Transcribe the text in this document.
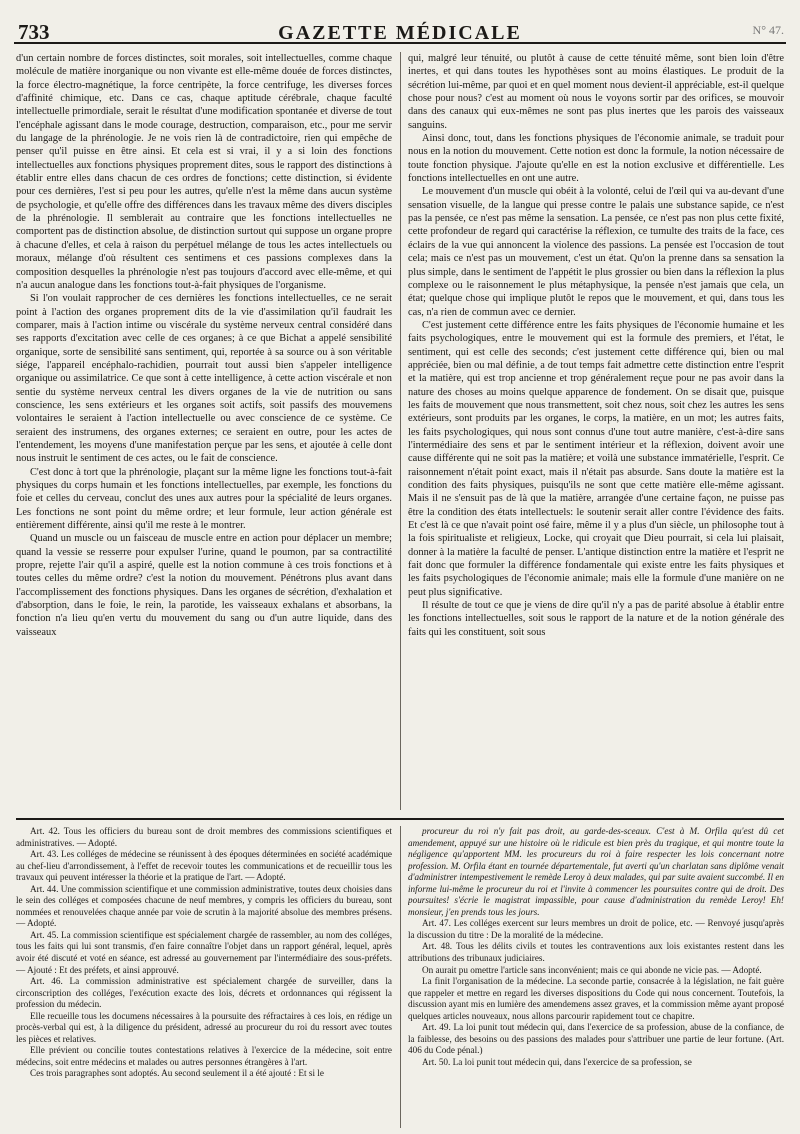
733	GAZETTE MÉDICALE	N° 47.

d'un certain nombre de forces distinctes, soit morales, soit intellectuelles, comme chaque molécule de matière inorganique ou non vivante est elle-même douée de forces distinctes, la force électro-magnétique, la force centripète, la force centrifuge, les diverses forces d'affinité chimique, etc. Dans ce cas, chaque aptitude cérébrale, chaque faculté intellectuelle primordiale, serait le résultat d'une modification spontanée et diverse de tout l'encéphale agissant dans le mode courage, destruction, comparaison, etc., pour me servir du langage de la phrénologie. Je ne vois rien là de contradictoire, rien qui empêche de penser qu'il puisse en être ainsi. Et cela est si vrai, il y a si loin des fonctions intellectuelles aux fonctions physiques proprement dites, sous le rapport des distinctions à établir entre elles dans chacun de ces ordres de fonctions; cette distinction, si évidente pour ces dernières, l'est si peu pour les autres, qu'elle n'est la même dans aucun système de psychologie, et qu'elle offre des différences dans les travaux même des divers disciples de la phrénologie. Il semblerait au contraire que les fonctions intellectuelles ne comportent pas de distinction absolue, de distinction surtout qui suppose un organe propre à chacune d'elles, et cela à raison du perpétuel mélange de tous les actes intellectuels ou moraux, mélange d'où résultent ces sentimens et ces passions complexes dans la composition desquelles la phrénologie n'est pas toujours d'accord avec elle-même, et qui n'a aucun analogue dans les fonctions tout-à-fait physiques de l'organisme.

Si l'on voulait rapprocher de ces dernières les fonctions intellectuelles, ce ne serait point à l'action des organes proprement dits de la vie d'assimilation qu'il faudrait les comparer, mais à l'action intime ou viscérale du système nerveux central considéré dans ses rapports d'excitation avec celle de ces organes; à ce que Bichat a appelé sensibilité organique, sorte de sensibilité sans sentiment, qui, reportée à sa source ou à son véritable siége, l'appareil encéphalo-rachidien, pourrait tout aussi bien s'appeler intelligence organique ou assimilatrice. Ce que sont à cette intelligence, à cette action viscérale et non sentie du système nerveux central les divers organes de la vie de nutrition ou sans conscience, les sens extérieurs et les organes soit actifs, soit passifs des mouvemens volontaires le seraient à l'action intellectuelle ou avec conscience de ce système. Ce seraient des instrumens, des organes externes; ce seraient en outre, pour les actes de l'entendement, les moyens d'une manifestation perçue par les sens, et ajoutée à celle dont nous instruit le sentiment de ces actes, ou le fait de conscience.

C'est donc à tort que la phrénologie, plaçant sur la même ligne les fonctions tout-à-fait physiques du corps humain et les fonctions intellectuelles, par exemple, les fonctions du foie et celles du cerveau, conclut des unes aux autres pour la spécialité de leurs organes. Les fonctions ne sont point du même ordre; et leur formule, leur action générale est entièrement différente, ainsi qu'il me reste à le montrer.

Quand un muscle ou un faisceau de muscle entre en action pour déplacer un membre; quand la vessie se resserre pour expulser l'urine, quand le poumon, par sa contractilité propre, rejette l'air qu'il a aspiré, quelle est la notion commune à ces trois fonctions et à toutes celles du même ordre? c'est la notion du mouvement. Pénétrons plus avant dans l'accomplissement des fonctions physiques. Dans les organes de sécrétion, d'exhalation et d'absorption, dans le foie, le rein, la parotide, les vaisseaux exhalans et absorbans, la fonction n'a lieu qu'en vertu du mouvement du sang ou d'un autre liquide, dans des vaisseaux

qui, malgré leur ténuité, ou plutôt à cause de cette ténuité même, sont bien loin d'être inertes, et qui dans toutes les hypothèses sont au moins élastiques. Le produit de la sécrétion lui-même, par quoi et en quel moment nous devient-il appréciable, est-il quelque chose pour nous? c'est au moment où nous le voyons sortir par des orifices, se mouvoir dans des canaux qui eux-mêmes ne sont pas plus inertes que les parois des vaisseaux sanguins.

Ainsi donc, tout, dans les fonctions physiques de l'économie animale, se traduit pour nous en la notion du mouvement. Cette notion est donc la formule, la notion nécessaire de toute fonction physique. J'ajoute qu'elle en est la notion exclusive et différentielle. Les fonctions intellectuelles en ont une autre.

Le mouvement d'un muscle qui obéit à la volonté, celui de l'œil qui va au-devant d'une sensation visuelle, de la langue qui presse contre le palais une substance sapide, ce n'est pas la pensée, ce n'est pas même la sensation. La pensée, ce n'est pas non plus cette fixité, cette profondeur de regard qui caractérise la réflexion, ce tumulte des traits de la face, ces éclairs de la vue qui annoncent la violence des passions. La pensée est l'occasion de tout cela; mais ce n'est pas un mouvement, c'est un état. Qu'on la prenne dans sa sensation la plus simple, dans le sentiment de l'appétit le plus grossier ou bien dans la réflexion la plus complexe ou le raisonnement le plus métaphysique, la pensée n'est jamais que cela, un état; quelque chose qui implique plutôt le repos que le mouvement, et qui, dans tous les cas, n'a rien de commun avec ce dernier.

C'est justement cette différence entre les faits physiques de l'économie humaine et les faits psychologiques, entre le mouvement qui est la formule des premiers, et l'état, le sentiment, qui est celle des seconds; c'est justement cette différence qui, bien ou mal appréciée, bien ou mal définie, a de tout temps fait admettre cette distinction entre l'esprit et la matière, qui est trop ancienne et trop généralement reçue pour ne pas avoir dans la nature des choses au moins quelque apparence de fondement. On se disait que, puisque les faits de mouvement que nous transmettent, soit chez nous, soit chez les autres les sens extérieurs, sont produits par les organes, le corps, la matière, en un mot; les autres faits, les faits psychologiques, qui nous sont connus d'une tout autre manière, c'est-à-dire sans l'intermédiaire des sens et par le sentiment intérieur et la réflexion, doivent avoir une cause différente qui ne soit pas la matière; et voilà une substance immatérielle, l'esprit. Ce raisonnement n'était point exact, mais il n'était pas absurde. Sans doute la matière est la condition des faits physiques, puisqu'ils ne sont que cette matière elle-même agissant. Mais il ne s'ensuit pas de là que la matière, arrangée d'une certaine façon, ne puisse pas être la condition des états intellectuels: le soutenir serait aller contre l'évidence des faits. Et c'est là ce que n'avait point osé faire, même il y a plus d'un siècle, un philosophe tout à la fois spiritualiste et religieux, Locke, qui croyait que Dieu pourrait, si cela lui plaisait, donner à la matière la faculté de penser. L'antique distinction entre la matière et l'esprit ne fait donc que formuler la différence fondamentale qui existe entre les faits physiques et les faits psychologiques de l'économie animale; mais elle la formule d'une manière on ne peut plus significative.

Il résulte de tout ce que je viens de dire qu'il n'y a pas de parité absolue à établir entre les fonctions intellectuelles, soit sous le rapport de la nature et de la notion générale des faits qui les constituent, soit sous

Art. 42. Tous les officiers du bureau sont de droit membres des commissions scientifiques et administratives. — Adopté.

Art. 43. Les colléges de médecine se réunissent à des époques déterminées en société académique au chef-lieu d'arrondissement, à l'effet de recevoir toutes les communications et de recueillir tous les travaux qui peuvent intéresser la théorie et la pratique de l'art. — Adopté.

Art. 44. Une commission scientifique et une commission administrative, toutes deux choisies dans le sein des colléges et composées chacune de neuf membres, y compris les officiers du bureau, sont nommées et renouvelées chaque année par voie de scrutin à la majorité absolue des membres présens. — Adopté.

Art. 45. La commission scientifique est spécialement chargée de rassembler, au nom des colléges, tous les faits qui lui sont transmis, d'en faire connaître l'objet dans un rapport général, lequel, après avoir été discuté et voté en séance, est adressé au gouvernement par l'intermédiaire des sous-préfets. — Ajouté : Et des préfets, et ainsi approuvé.

Art. 46. La commission administrative est spécialement chargée de surveiller, dans la circonscription des colléges, l'exécution exacte des lois, décrets et ordonnances qui régissent la profession du médecin.

Elle recueille tous les documens nécessaires à la poursuite des réfractaires à ces lois, en rédige un procès-verbal qui est, à la diligence du président, adressé au procureur du roi du ressort avec toutes les pièces et relatives.

Elle prévient ou concilie toutes contestations relatives à l'exercice de la médecine, soit entre médecins, soit entre médecins et malades ou autres personnes étrangères à l'art.

Ces trois paragraphes sont adoptés. Au second seulement il a été ajouté : Et si le

procureur du roi n'y fait pas droit, au garde-des-sceaux. C'est à M. Orfila qu'est dû cet amendement, appuyé sur une histoire où le ridicule est bien près du tragique, et qui montre toute la négligence qu'apportent MM. les procureurs du roi à faire respecter les lois concernant notre profession. M. Orfila étant en tournée départementale, fut averti qu'un charlatan sans diplôme venait d'administrer intempestivement le remède Leroy à deux malades, qui par suite avaient succombé. Il en informe lui-même le procureur du roi et l'invite à commencer les poursuites contre qui de droit. Des poursuites! s'écrie le magistrat impassible, pour cause d'administration du remède Leroy! Eh! monsieur, j'en prends tous les jours.

Art. 47. Les colléges exercent sur leurs membres un droit de police, etc. — Renvoyé jusqu'après la discussion du titre : De la moralité de la médecine.

Art. 48. Tous les délits civils et toutes les contraventions aux lois existantes restent dans les attributions des tribunaux judiciaires.

On aurait pu omettre l'article sans inconvénient; mais ce qui abonde ne vicie pas. — Adopté.

La finit l'organisation de la médecine. La seconde partie, consacrée à la législation, ne fait guère que rappeler et mettre en regard les diverses dispositions du Code qui nous concernent. Toutefois, la discussion ayant mis en lumière des amendemens assez graves, et la commission même ayant proposé quelques articles nouveaux, nous allons parcourir rapidement tout ce chapitre.

Art. 49. La loi punit tout médecin qui, dans l'exercice de sa profession, abuse de la confiance, de la faiblesse, des besoins ou des passions des malades pour s'attribuer une partie de leur fortune. (Art. 406 du Code pénal.)

Art. 50. La loi punit tout médecin qui, dans l'exercice de sa profession, se
